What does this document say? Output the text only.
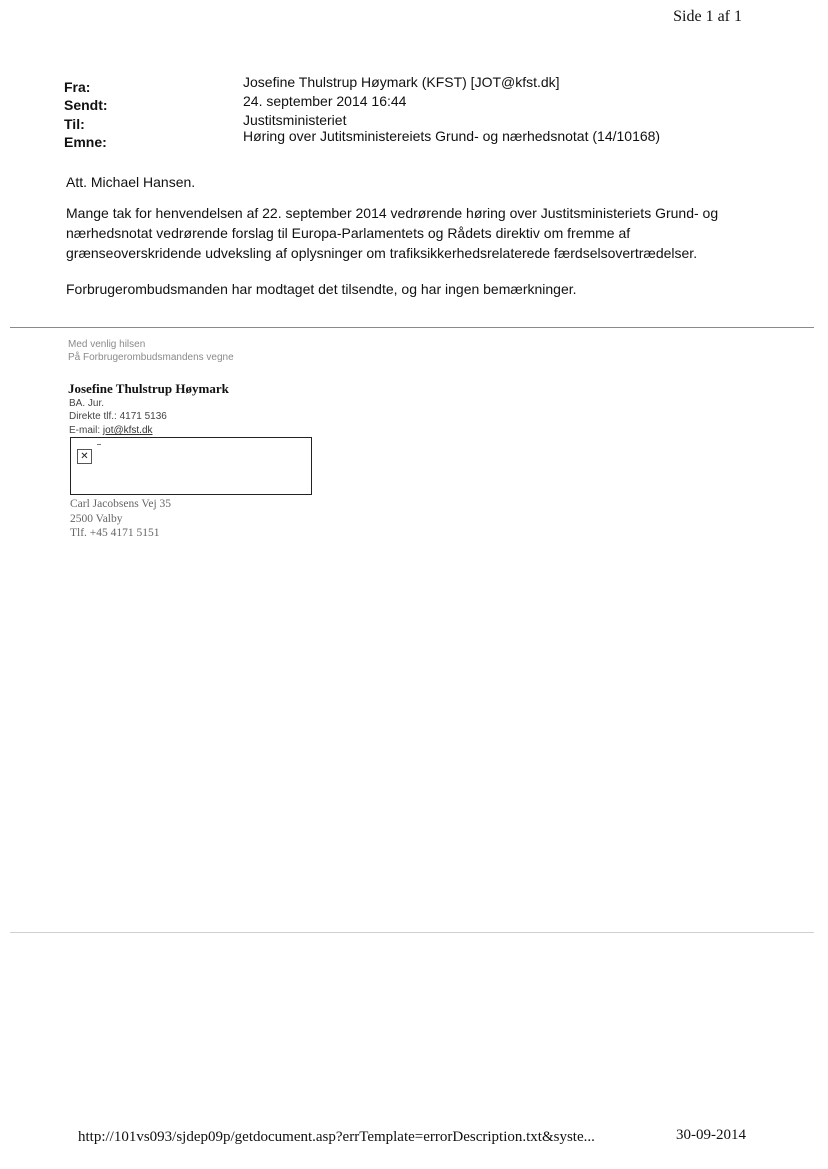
Side 1 af 1
Fra:	Josefine Thulstrup Høymark (KFST) [JOT@kfst.dk]
Sendt:	24. september 2014 16:44
Til:	Justitsministeriet
Emne:	Høring over Jutitsministereiets Grund- og nærhedsnotat (14/10168)
Att. Michael Hansen.
Mange tak for henvendelsen af 22. september 2014 vedrørende høring over Justitsministeriets Grund- og
nærhedsnotat vedrørende forslag til Europa-Parlamentets og Rådets direktiv om fremme af
grænseoverskridende udveksling af oplysninger om trafiksikkerhedsrelaterede færdselsovertrædelser.
Forbrugerombudsmanden har modtaget det tilsendte, og har ingen bemærkninger.
Med venlig hilsen
På Forbrugerombudsmandens vegne
Josefine Thulstrup Høymark
BA. Jur.
Direkte tlf.: 4171 5136
E-mail: jot@kfst.dk
✕
Carl Jacobsens Vej 35
2500 Valby
Tlf. +45 4171 5151
http://101vs093/sjdep09p/getdocument.asp?errTemplate=errorDescription.txt&syste...	30-09-2014
